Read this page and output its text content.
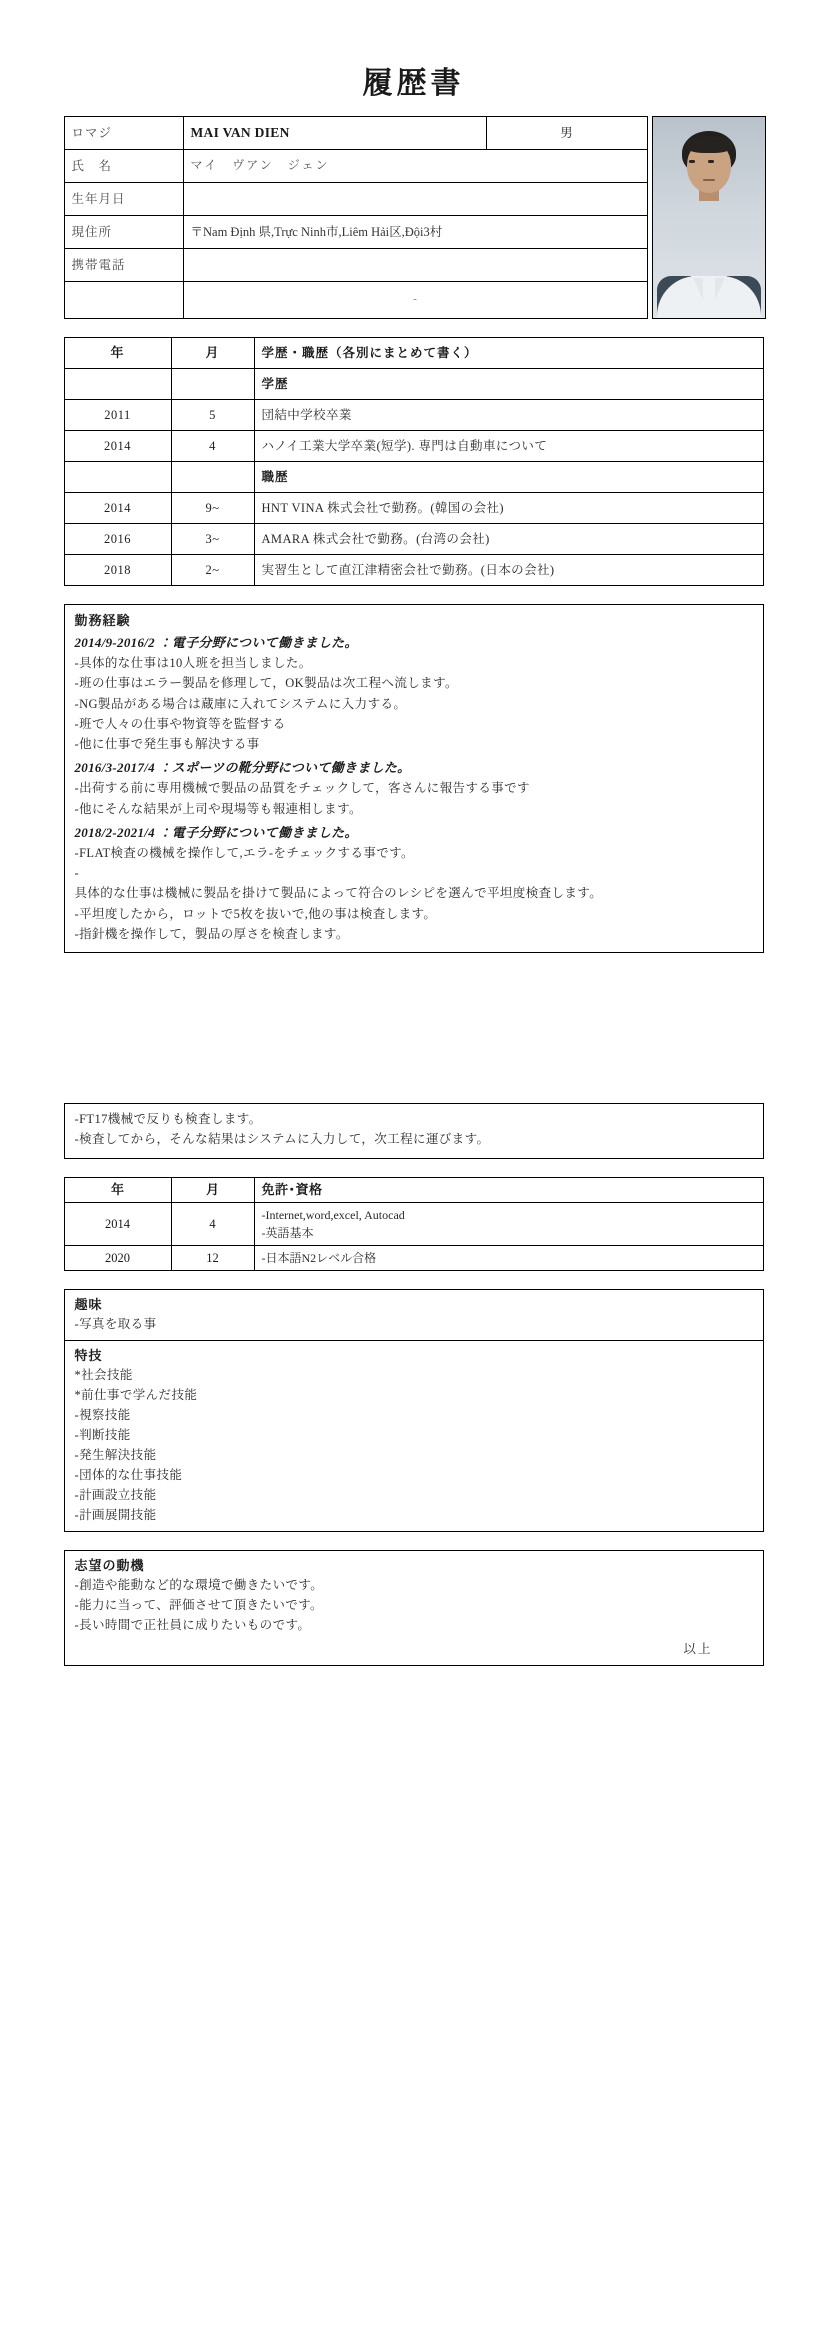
履歴書
ロマジ	MAI VAN DIEN	男
氏　名	マイ　ヴアン　ジェン	
生年月日		
現住所	〒Nam Định 県,Trực Ninh市,Liêm Hải区,Đội3村	
携帯電話		
	-	
年	月	学歴・職歴（各別にまとめて書く）
		学歴
2011	5	団結中学校卒業
2014	4	ハノイ工業大学卒業(短学). 専門は自動車について
		職歴
2014	9~	HNT VINA 株式会社で勤務。(韓国の会社)
2016	3~	AMARA 株式会社で勤務。(台湾の会社)
2018	2~	実習生として直江津精密会社で勤務。(日本の会社)
勤務経験
2014/9-2016/2 ：電子分野について働きました。
-具体的な仕事は10人班を担当しました。
-班の仕事はエラー製品を修理して，OK製品は次工程へ流します。
-NG製品がある場合は蔵庫に入れてシステムに入力する。
-班で人々の仕事や物資等を監督する
-他に仕事で発生事も解決する事
2016/3-2017/4 ：スポーツの靴分野について働きました。
-出荷する前に専用機械で製品の品質をチェックして，客さんに報告する事です
-他にそんな結果が上司や現場等も報連相します。
2018/2-2021/4 ：電子分野について働きました。
-FLAT検査の機械を操作して,エラ-をチェックする事です。
-
具体的な仕事は機械に製品を掛けて製品によって符合のレシピを選んで平坦度検査します。
-平坦度したから，ロットで5枚を抜いで,他の事は検査します。
-指針機を操作して，製品の厚さを検査します。
-FT17機械で反りも検査します。
-検査してから，そんな結果はシステムに入力して，次工程に運びます。
年	月	免許･資格
2014	4	-Internet,word,excel, Autocad
-英語基本

2020	12	-日本語N2レベル合格
趣味
-写真を取る事
特技
*社会技能
*前仕事で学んだ技能
-視察技能
-判断技能
-発生解決技能
-団体的な仕事技能
-計画設立技能
-計画展開技能
志望の動機
-創造や能動など的な環境で働きたいです。
-能力に当って、評価させて頂きたいです。
-長い時間で正社員に成りたいものです。
以上
